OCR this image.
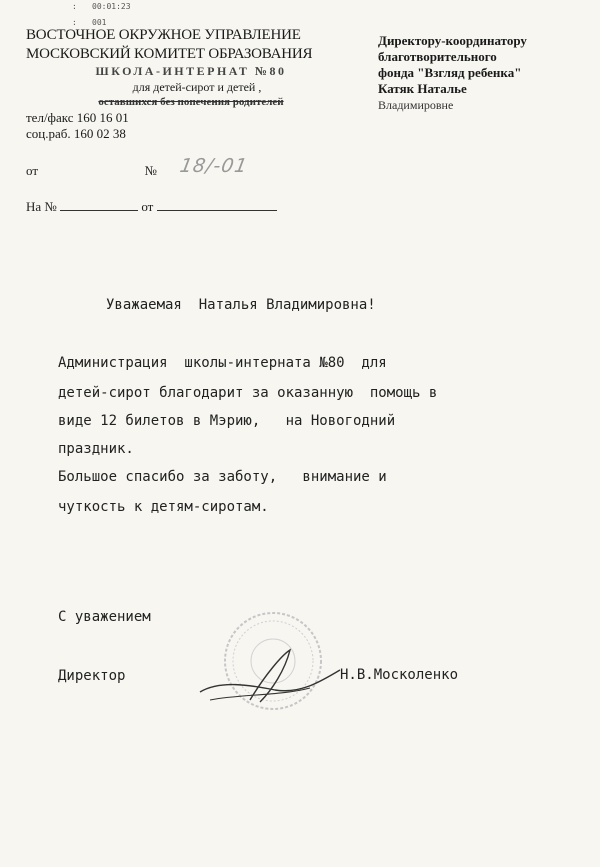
: 00:01:23
: 001
ВОСТОЧНОЕ ОКРУЖНОЕ УПРАВЛЕНИЕ
МОСКОВСКИЙ КОМИТЕТ ОБРАЗОВАНИЯ
ШКОЛА-ИНТЕРНАТ №80
для детей-сирот и детей ,
оставшихся без попечения родителей
тел/факс 160 16 01
соц.раб. 160 02 38
Директору-координатору
благотворительного
фонда "Взгляд ребенка"
Катяк Наталье
Владимировне
от	№ 18/-01
На №	от
Уважаемая  Наталья Владимировна!
Администрация  школы-интерната №80  для
детей-сирот благодарит за оказанную  помощь в
виде 12 билетов в Мэрию,   на Новогодний
праздник.
Большое спасибо за заботу,   внимание и
чуткость к детям-сиротам.
С уважением
Директор	Н.В.Москоленко
